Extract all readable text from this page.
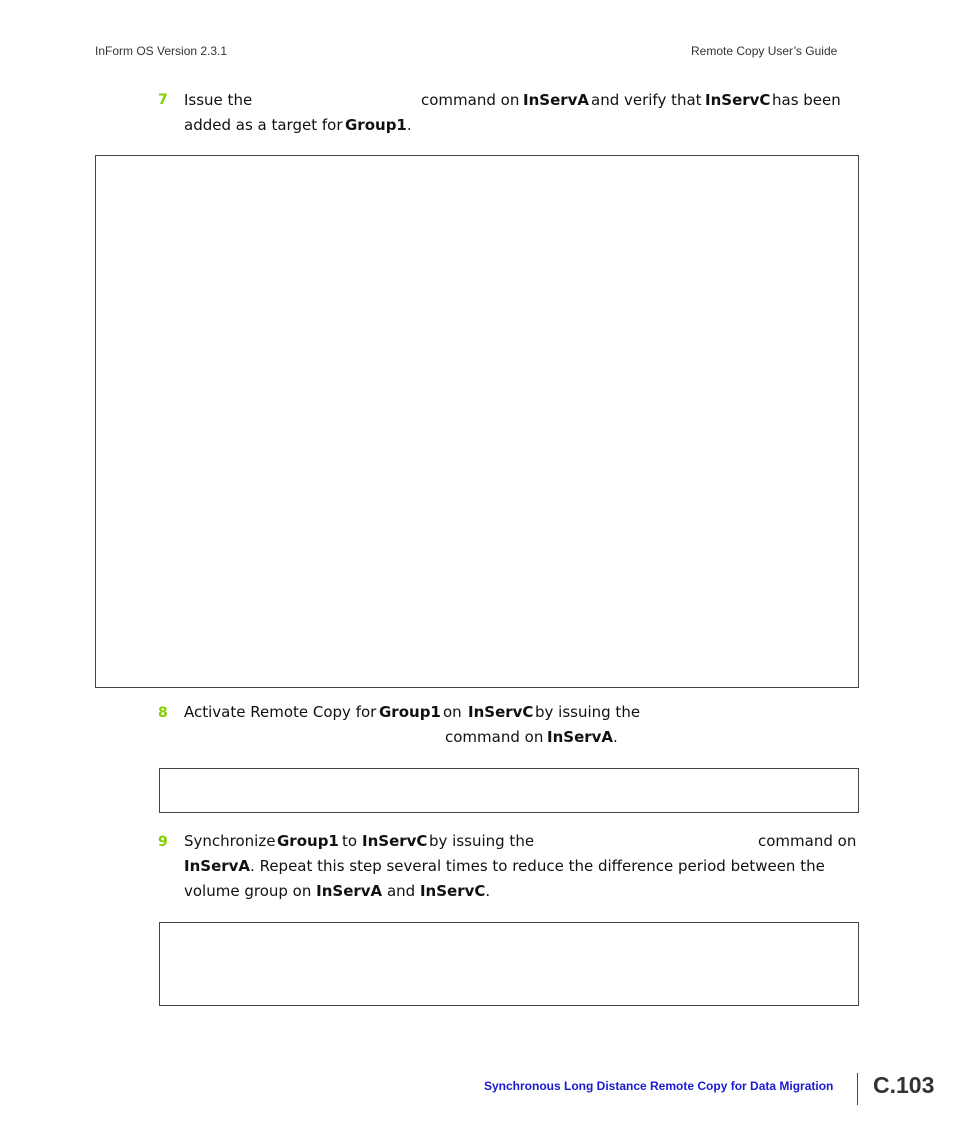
InForm OS Version 2.3.1	Remote Copy User’s Guide
7 Issue the	command on InServA and verify that InServC has been
added as a target for Group1.
8 Activate Remote Copy for Group1 on InServC by issuing the
command on InServA.
9 Synchronize Group1 to InServC by issuing the	command on
InServA. Repeat this step several times to reduce the difference period between the
volume group on InServA and InServC.
Synchronous Long Distance Remote Copy for Data Migration C.103
